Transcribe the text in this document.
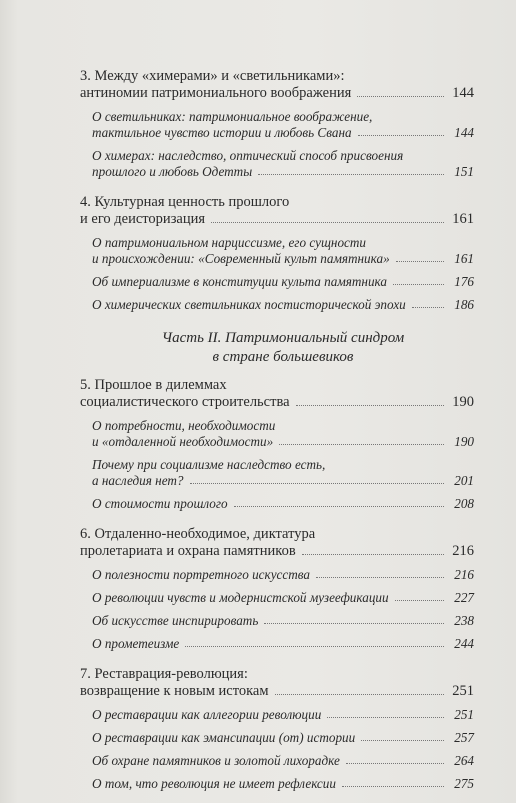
3. Между «химерами» и «светильниками»:
антиномии патримониального воображения	144
О светильниках: патримониальное воображение,
тактильное чувство истории и любовь Свана	144
О химерах: наследство, оптический способ присвоения
прошлого и любовь Одетты	151
4. Культурная ценность прошлого
и его деисторизация	161
О патримониальном нарциссизме, его сущности
и происхождении: «Современный культ памятника»	161
Об империализме в конституции культа памятника	176
О химерических светильниках постисторической эпохи	186
Часть II. Патримониальный синдром
в стране большевиков
5. Прошлое в дилеммах
социалистического строительства	190
О потребности, необходимости
и «отдаленной необходимости»	190
Почему при социализме наследство есть,
а наследия нет?	201
О стоимости прошлого	208
6. Отдаленно-необходимое, диктатура
пролетариата и охрана памятников	216
О полезности портретного искусства	216
О революции чувств и модернистской музеефикации	227
Об искусстве инспирировать	238
О прометеизме	244
7. Реставрация-революция:
возвращение к новым истокам	251
О реставрации как аллегории революции	251
О реставрации как эмансипации (от) истории	257
Об охране памятников и золотой лихорадке	264
О том, что революция не имеет рефлексии	275
